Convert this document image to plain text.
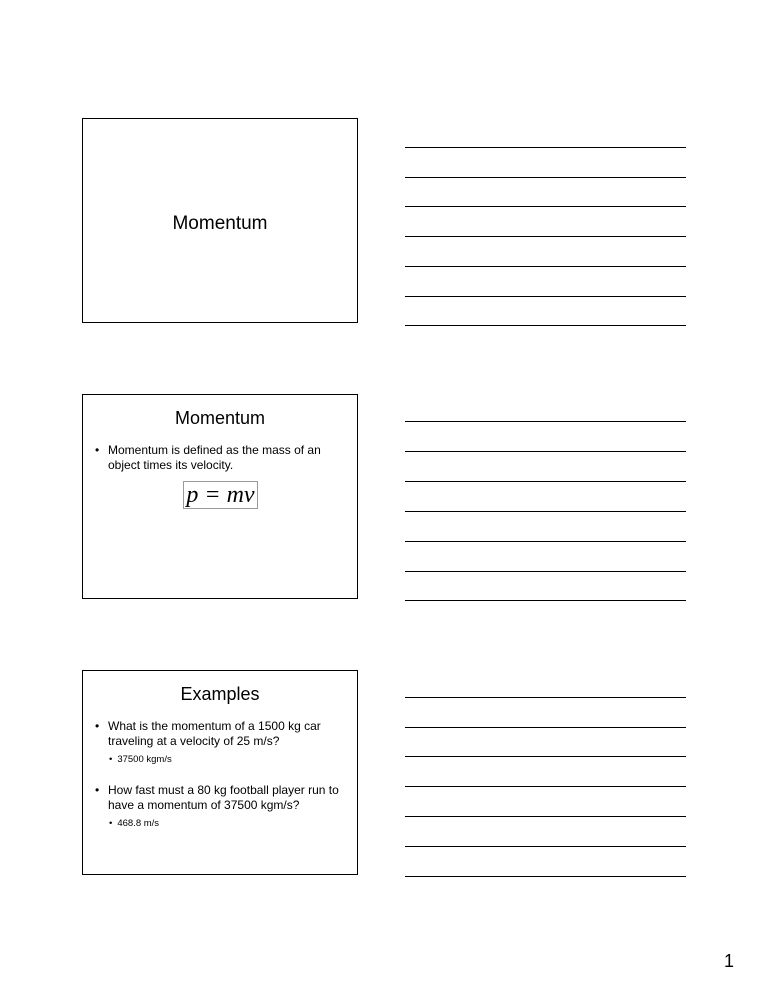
Momentum
Momentum
• Momentum is defined as the mass of an object times its velocity.
p = mv
Examples
• What is the momentum of a 1500 kg car traveling at a velocity of 25 m/s?
• 37500 kgm/s
• How fast must a 80 kg football player run to have a momentum of 37500 kgm/s?
• 468.8 m/s
1
